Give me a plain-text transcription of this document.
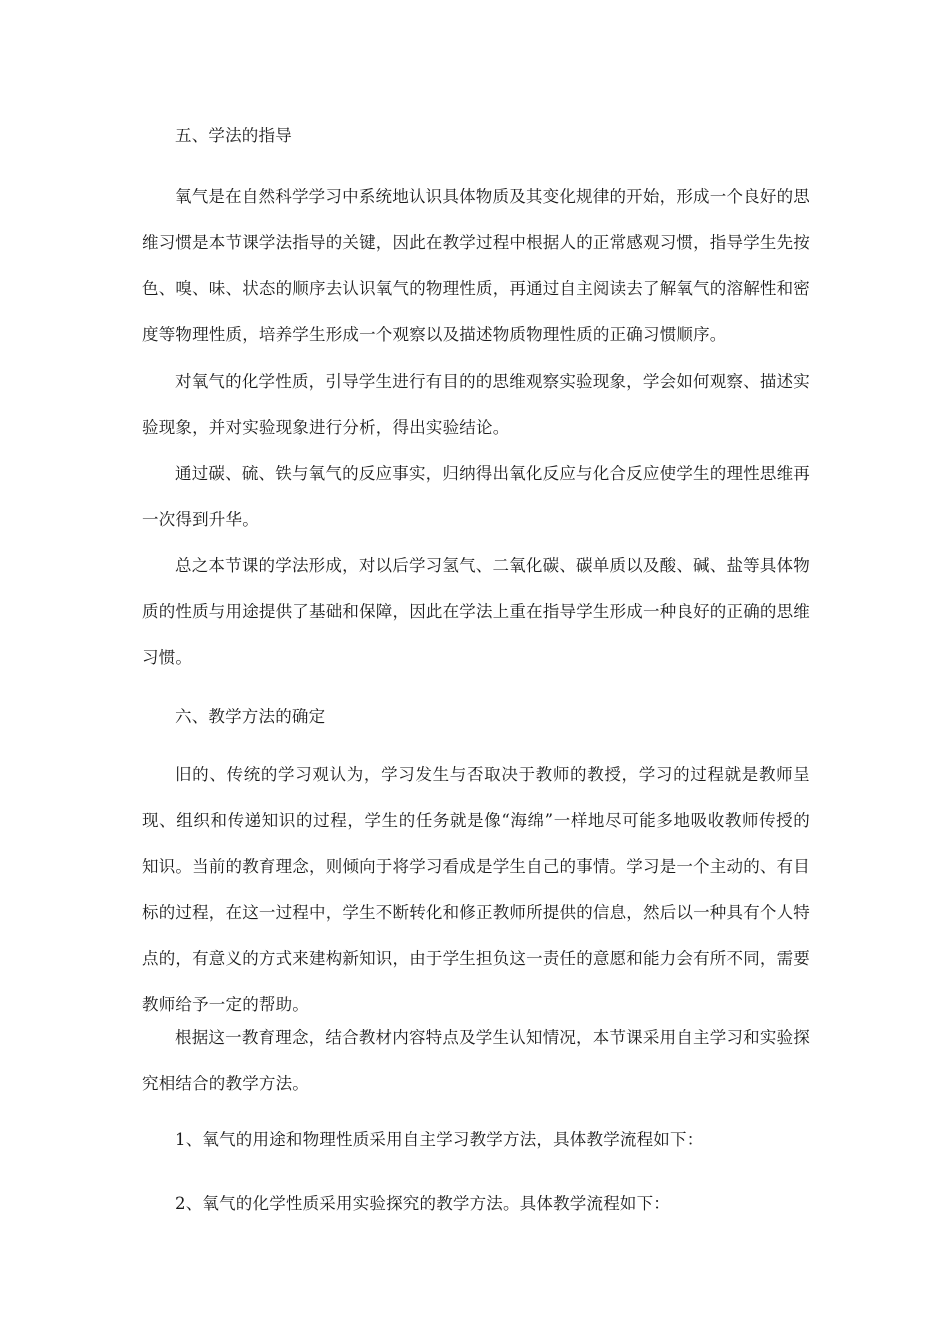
五、学法的指导

氧气是在自然科学学习中系统地认识具体物质及其变化规律的开始，形成一个良好的思维习惯是本节课学法指导的关键，因此在教学过程中根据人的正常感观习惯，指导学生先按色、嗅、味、状态的顺序去认识氧气的物理性质，再通过自主阅读去了解氧气的溶解性和密度等物理性质，培养学生形成一个观察以及描述物质物理性质的正确习惯顺序。

对氧气的化学性质，引导学生进行有目的的思维观察实验现象，学会如何观察、描述实验现象，并对实验现象进行分析，得出实验结论。

通过碳、硫、铁与氧气的反应事实，归纳得出氧化反应与化合反应使学生的理性思维再一次得到升华。

总之本节课的学法形成，对以后学习氢气、二氧化碳、碳单质以及酸、碱、盐等具体物质的性质与用途提供了基础和保障，因此在学法上重在指导学生形成一种良好的正确的思维习惯。

六、教学方法的确定

旧的、传统的学习观认为，学习发生与否取决于教师的教授，学习的过程就是教师呈现、组织和传递知识的过程，学生的任务就是像“海绵”一样地尽可能多地吸收教师传授的知识。当前的教育理念，则倾向于将学习看成是学生自己的事情。学习是一个主动的、有目标的过程，在这一过程中，学生不断转化和修正教师所提供的信息，然后以一种具有个人特点的，有意义的方式来建构新知识，由于学生担负这一责任的意愿和能力会有所不同，需要教师给予一定的帮助。

根据这一教育理念，结合教材内容特点及学生认知情况，本节课采用自主学习和实验探究相结合的教学方法。

1、氧气的用途和物理性质采用自主学习教学方法，具体教学流程如下：

2、氧气的化学性质采用实验探究的教学方法。具体教学流程如下：
